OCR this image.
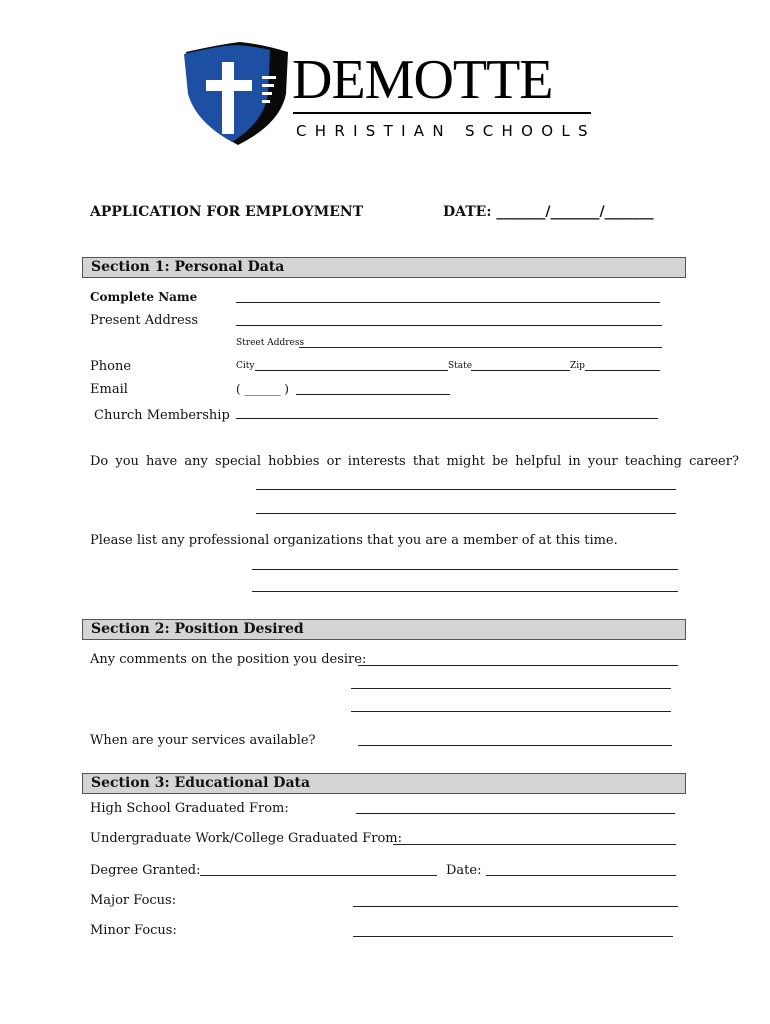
DEMOTTE
CHRISTIAN SCHOOLS
APPLICATION FOR EMPLOYMENT	DATE: _______/_______/_______
Section 1: Personal Data
Complete Name
Present Address
Street Address
Phone	City	State	Zip
Email	( ______ )
Church Membership
Do you have any special hobbies or interests that might be helpful in your teaching career?
Please list any professional organizations that you are a member of at this time.
Section 2: Position Desired
Any comments on the position you desire:
When are your services available?
Section 3: Educational Data
High School Graduated From:
Undergraduate Work/College Graduated From:
Degree Granted:	Date:
Major Focus:
Minor Focus:
